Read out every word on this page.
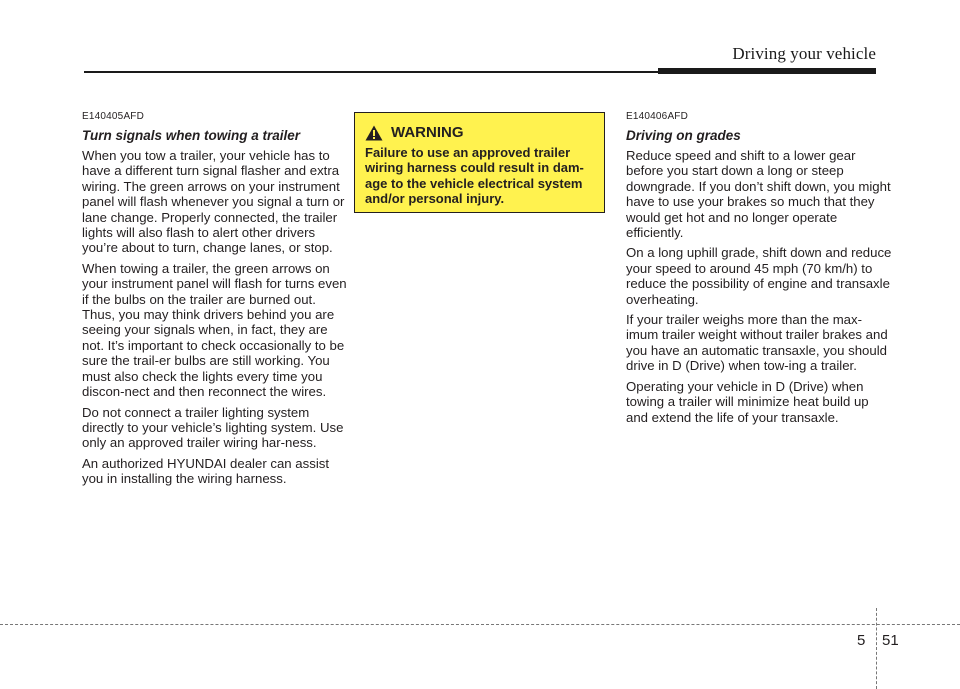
Driving your vehicle
E140405AFD
Turn signals when towing a trailer

When you tow a trailer, your vehicle has to have a different turn signal flasher and extra wiring. The green arrows on your instrument panel will flash whenever you signal a turn or lane change. Properly connected, the trailer lights will also flash to alert other drivers you’re about to turn, change lanes, or stop.

When towing a trailer, the green arrows on your instrument panel will flash for turns even if the bulbs on the trailer are burned out. Thus, you may think drivers behind you are seeing your signals when, in fact, they are not. It’s important to check occasionally to be sure the trail-er bulbs are still working. You must also check the lights every time you discon-nect and then reconnect the wires.

Do not connect a trailer lighting system directly to your vehicle’s lighting system. Use only an approved trailer wiring har-ness.

An authorized HYUNDAI dealer can assist you in installing the wiring harness.

WARNING

Failure to use an approved trailer wiring harness could result in dam-age to the vehicle electrical system and/or personal injury.

E140406AFD
Driving on grades

Reduce speed and shift to a lower gear before you start down a long or steep downgrade. If you don’t shift down, you might have to use your brakes so much that they would get hot and no longer operate efficiently.

On a long uphill grade, shift down and reduce your speed to around 45 mph (70 km/h) to reduce the possibility of engine and transaxle overheating.

If your trailer weighs more than the max-imum trailer weight without trailer brakes and you have an automatic transaxle, you should drive in D (Drive) when tow-ing a trailer.

Operating your vehicle in D (Drive) when towing a trailer will minimize heat build up and extend the life of your transaxle.

5 51
